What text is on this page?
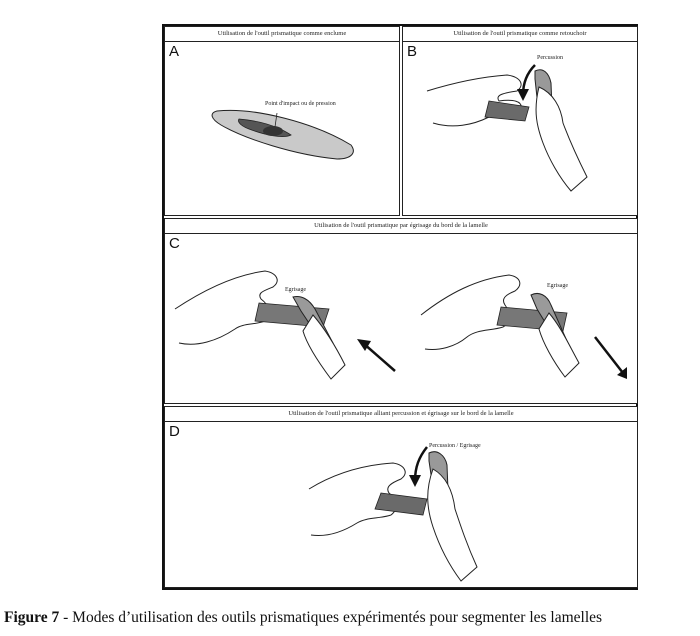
Utilisation de l'outil prismatique comme enclume
A
Point d'impact ou de pression
Utilisation de l'outil prismatique comme retouchoir
B	Percussion
Utilisation de l'outil prismatique par égrisage du bord de la lamelle
C
Egrisage
Egrisage
Utilisation de l'outil prismatique alliant percussion et égrisage sur le bord de la lamelle
D
Percussion / Egrisage
Figure 7 - Modes d’utilisation des outils prismatiques expérimentés pour segmenter les lamelles
